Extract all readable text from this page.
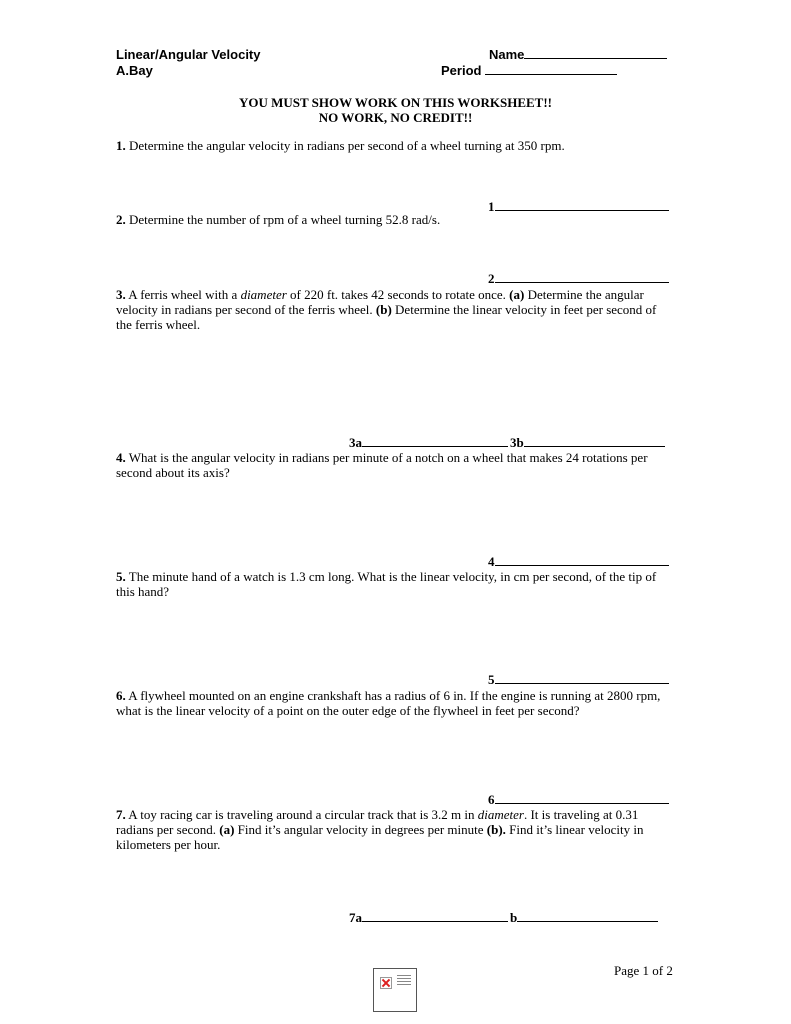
Linear/Angular Velocity
A.Bay
Name
Period
YOU MUST SHOW WORK ON THIS WORKSHEET!!
NO WORK, NO CREDIT!!
1. Determine the angular velocity in radians per second of a wheel turning at 350 rpm.
1
2. Determine the number of rpm of a wheel turning 52.8 rad/s.
2
3. A ferris wheel with a diameter of 220 ft. takes 42 seconds to rotate once. (a) Determine the angular velocity in radians per second of the ferris wheel. (b) Determine the linear velocity in feet per second of the ferris wheel.
3a	3b
4. What is the angular velocity in radians per minute of a notch on a wheel that makes 24 rotations per second about its axis?
4
5. The minute hand of a watch is 1.3 cm long. What is the linear velocity, in cm per second, of the tip of this hand?
5
6. A flywheel mounted on an engine crankshaft has a radius of 6 in. If the engine is running at 2800 rpm, what is the linear velocity of a point on the outer edge of the flywheel in feet per second?
6
7. A toy racing car is traveling around a circular track that is 3.2 m in diameter. It is traveling at 0.31 radians per second. (a) Find it’s angular velocity in degrees per minute (b). Find it’s linear velocity in kilometers per hour.
7a	b
Page 1 of 2
